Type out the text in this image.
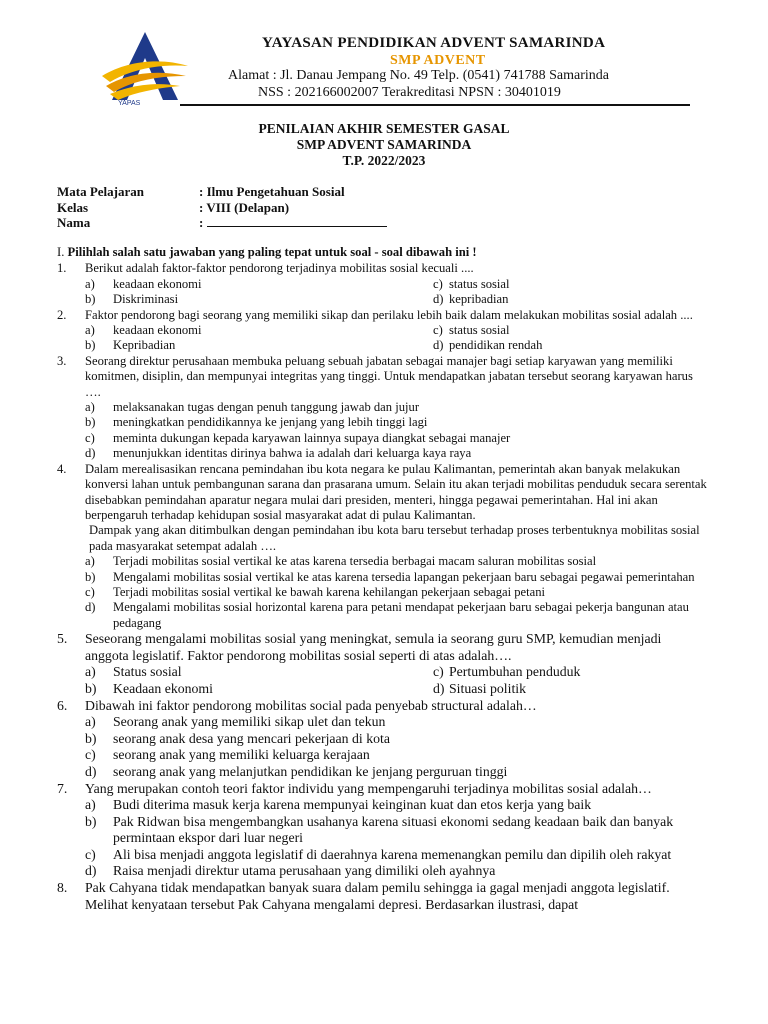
YAPAS
YAYASAN PENDIDIKAN ADVENT SAMARINDA
SMP ADVENT
Alamat : Jl. Danau Jempang No. 49 Telp. (0541) 741788 Samarinda
NSS : 202166002007 Terakreditasi NPSN : 30401019
PENILAIAN AKHIR SEMESTER GASAL
SMP ADVENT SAMARINDA
T.P. 2022/2023
Mata Pelajaran	: Ilmu Pengetahuan Sosial
Kelas	: VIII (Delapan)
Nama	:
I. Pilihlah salah satu jawaban yang paling tepat untuk soal - soal dibawah ini !
1. Berikut adalah faktor-faktor pendorong terjadinya mobilitas sosial kecuali ....
a) keadaan ekonomi	c) status sosial
b) Diskriminasi	d) kepribadian
2. Faktor pendorong bagi seorang yang memiliki sikap dan perilaku lebih baik dalam melakukan mobilitas sosial adalah ....
a) keadaan ekonomi	c) status sosial
b) Kepribadian	d) pendidikan rendah
3. Seorang direktur perusahaan membuka peluang sebuah jabatan sebagai manajer bagi setiap karyawan yang memiliki komitmen, disiplin, dan mempunyai integritas yang tinggi. Untuk mendapatkan jabatan tersebut seorang karyawan harus ….
a) melaksanakan tugas dengan penuh tanggung jawab dan jujur
b) meningkatkan pendidikannya ke jenjang yang lebih tinggi lagi
c) meminta dukungan kepada karyawan lainnya supaya diangkat sebagai manajer
d) menunjukkan identitas dirinya bahwa ia adalah dari keluarga kaya raya
4. Dalam merealisasikan rencana pemindahan ibu kota negara ke pulau Kalimantan, pemerintah akan banyak melakukan konversi lahan untuk pembangunan sarana dan prasarana umum. Selain itu akan terjadi mobilitas penduduk secara serentak disebabkan pemindahan aparatur negara mulai dari presiden, menteri, hingga pegawai pemerintahan. Hal ini akan berpengaruh terhadap kehidupan sosial masyarakat adat di pulau Kalimantan.
Dampak yang akan ditimbulkan dengan pemindahan ibu kota baru tersebut terhadap proses terbentuknya mobilitas sosial pada masyarakat setempat adalah ….
a) Terjadi mobilitas sosial vertikal ke atas karena tersedia berbagai macam saluran mobilitas sosial
b) Mengalami mobilitas sosial vertikal ke atas karena tersedia lapangan pekerjaan baru sebagai pegawai pemerintahan
c) Terjadi mobilitas sosial vertikal ke bawah karena kehilangan pekerjaan sebagai petani
d) Mengalami mobilitas sosial horizontal karena para petani mendapat pekerjaan baru sebagai pekerja bangunan atau pedagang
5. Seseorang mengalami mobilitas sosial yang meningkat, semula ia seorang guru SMP, kemudian menjadi anggota legislatif. Faktor pendorong mobilitas sosial seperti di atas adalah….
a) Status sosial	c) Pertumbuhan penduduk
b) Keadaan ekonomi	d) Situasi politik
6. Dibawah ini faktor pendorong mobilitas social pada penyebab structural adalah…
a) Seorang anak yang memiliki sikap ulet dan tekun
b) seorang anak desa yang mencari pekerjaan di kota
c) seorang anak yang memiliki keluarga kerajaan
d) seorang anak yang melanjutkan pendidikan ke jenjang perguruan tinggi
7. Yang merupakan contoh teori faktor individu yang mempengaruhi terjadinya mobilitas sosial adalah…
a) Budi diterima masuk kerja karena mempunyai keinginan kuat dan etos kerja yang baik
b) Pak Ridwan bisa mengembangkan usahanya karena situasi ekonomi sedang keadaan baik dan banyak permintaan ekspor dari luar negeri
c) Ali bisa menjadi anggota legislatif di daerahnya karena memenangkan pemilu dan dipilih oleh rakyat
d) Raisa menjadi direktur utama perusahaan yang dimiliki oleh ayahnya
8. Pak Cahyana tidak mendapatkan banyak suara dalam pemilu sehingga ia gagal menjadi anggota legislatif. Melihat kenyataan tersebut Pak Cahyana mengalami depresi. Berdasarkan ilustrasi, dapat
